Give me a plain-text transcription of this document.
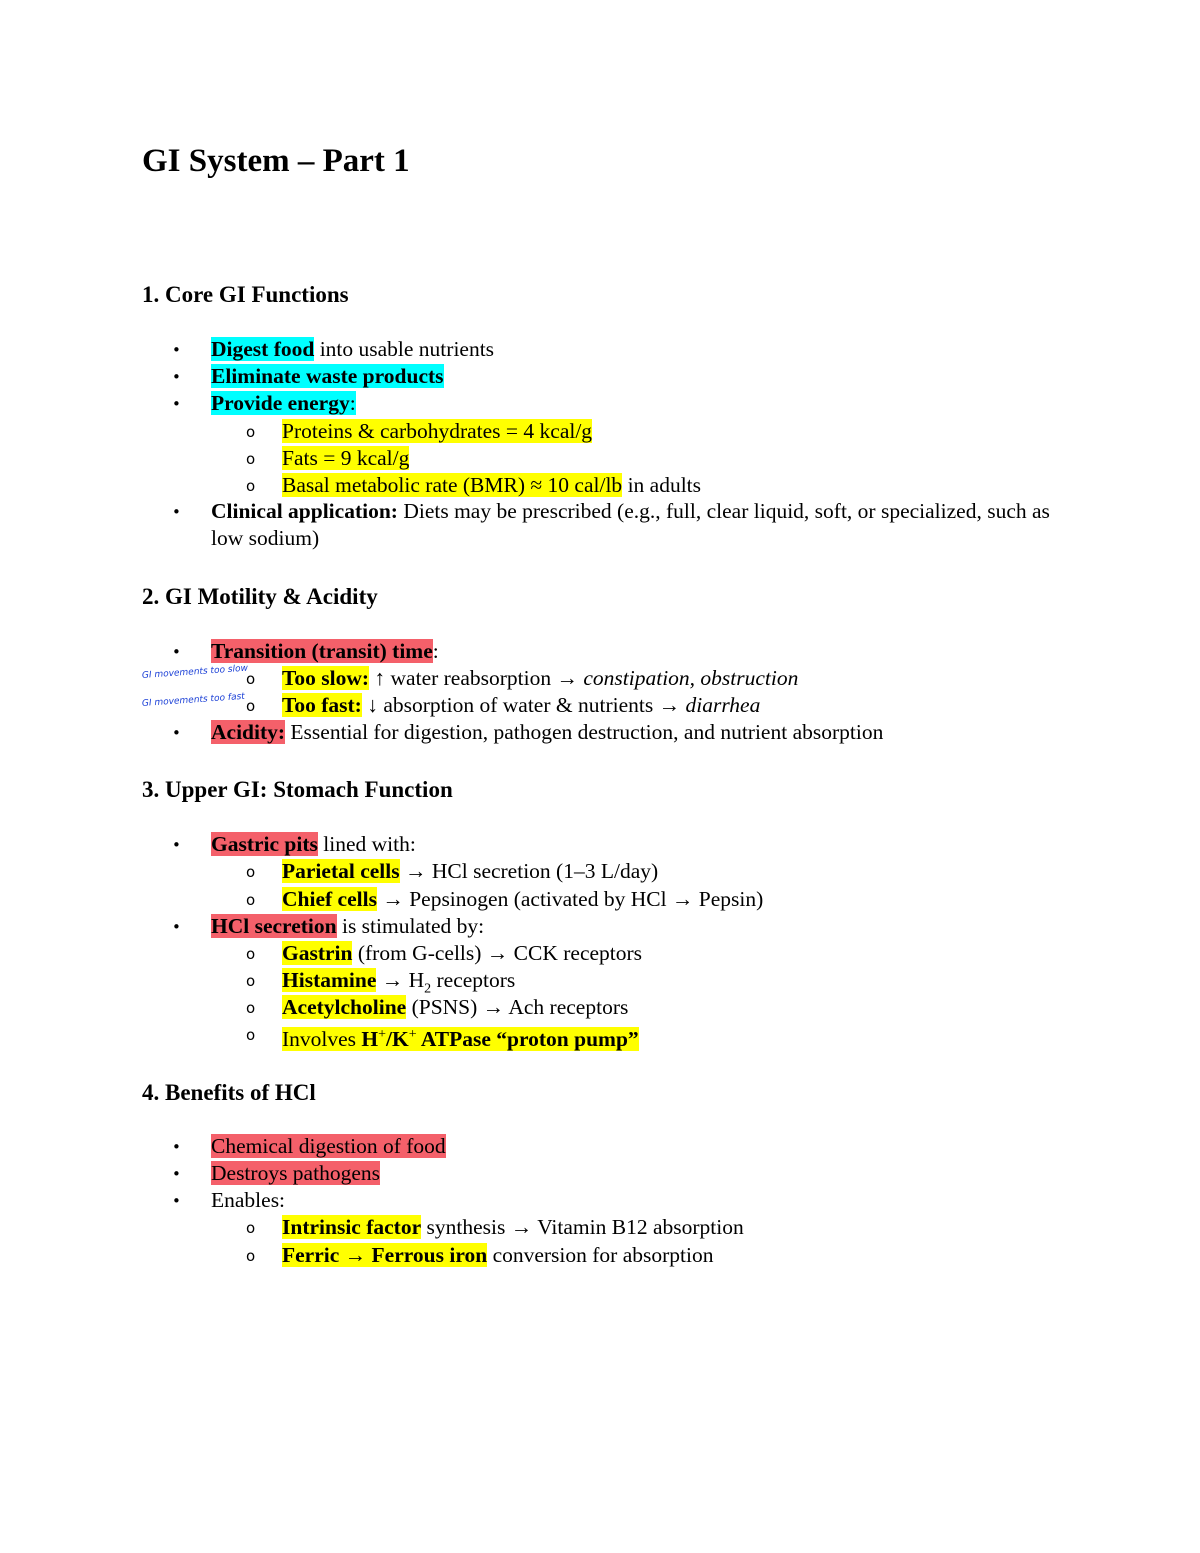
GI System – Part 1
1. Core GI Functions
• Digest food into usable nutrients
• Eliminate waste products
• Provide energy:
o Proteins & carbohydrates = 4 kcal/g
o Fats = 9 kcal/g
o Basal metabolic rate (BMR) ≈ 10 cal/lb in adults
• Clinical application: Diets may be prescribed (e.g., full, clear liquid, soft, or specialized, such as low sodium)
2. GI Motility & Acidity
• Transition (transit) time:
GI movements too slow
o Too slow: ↑ water reabsorption → constipation, obstruction
GI movements too fast o Too fast: ↓ absorption of water & nutrients → diarrhea
• Acidity: Essential for digestion, pathogen destruction, and nutrient absorption
3. Upper GI: Stomach Function
• Gastric pits lined with:
o Parietal cells → HCl secretion (1–3 L/day)
o Chief cells → Pepsinogen (activated by HCl → Pepsin)
• HCl secretion is stimulated by:
o Gastrin (from G-cells) → CCK receptors
o Histamine → $H_2$ receptors
o Acetylcholine (PSNS) → Ach receptors
o Involves H+/K+ ATPase “proton pump”
4. Benefits of HCl
• Chemical digestion of food
• Destroys pathogens
• Enables:
o Intrinsic factor synthesis → Vitamin B12 absorption
o Ferric → Ferrous iron conversion for absorption
